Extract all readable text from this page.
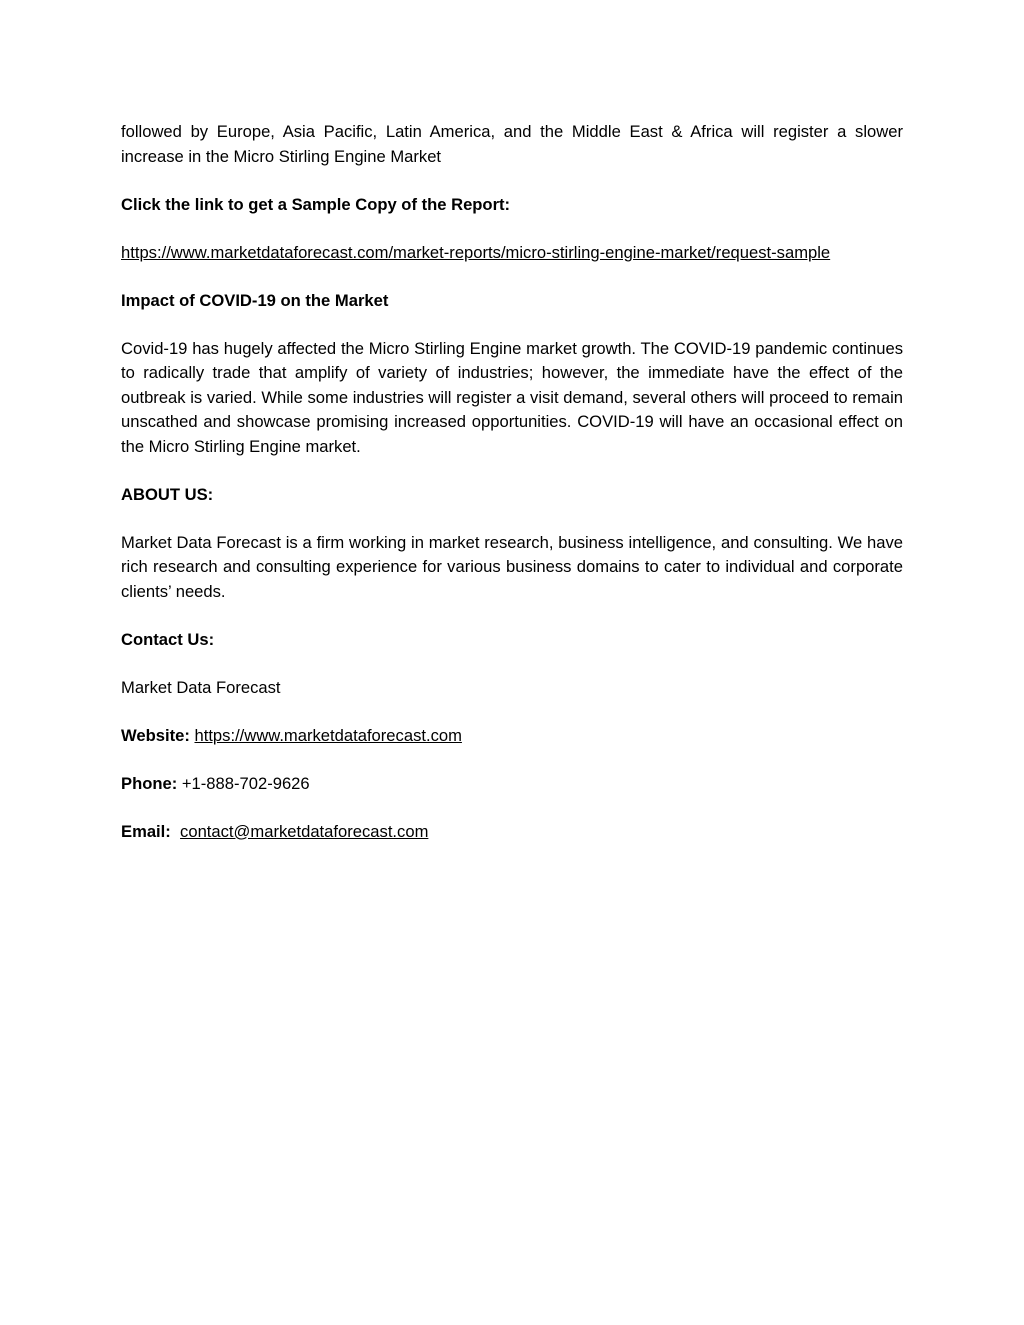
followed by Europe, Asia Pacific, Latin America, and the Middle East & Africa will register a slower increase in the Micro Stirling Engine Market

Click the link to get a Sample Copy of the Report:

https://www.marketdataforecast.com/market-reports/micro-stirling-engine-market/request-sample

Impact of COVID-19 on the Market

Covid-19 has hugely affected the Micro Stirling Engine market growth. The COVID-19 pandemic continues to radically trade that amplify of variety of industries; however, the immediate have the effect of the outbreak is varied. While some industries will register a visit demand, several others will proceed to remain unscathed and showcase promising increased opportunities. COVID-19 will have an occasional effect on the Micro Stirling Engine market.

ABOUT US:

Market Data Forecast is a firm working in market research, business intelligence, and consulting. We have rich research and consulting experience for various business domains to cater to individual and corporate clients’ needs.

Contact Us:

Market Data Forecast

Website: https://www.marketdataforecast.com

Phone: +1-888-702-9626

Email: contact@marketdataforecast.com
